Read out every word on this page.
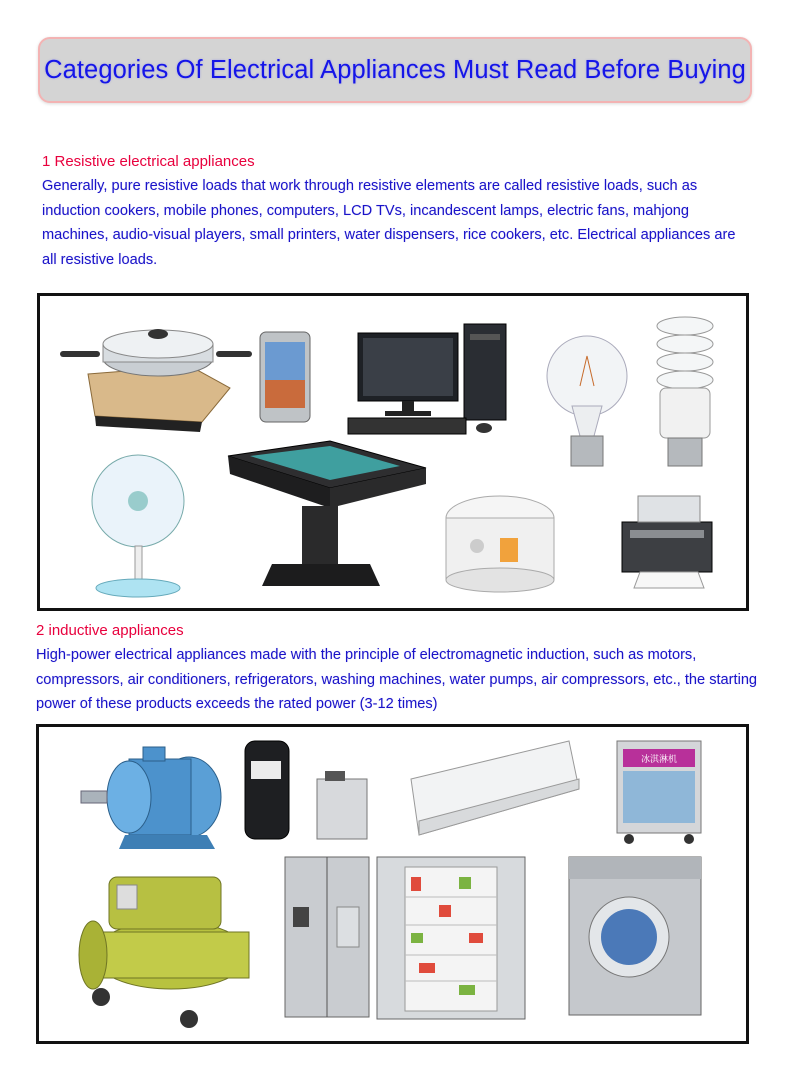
Categories Of Electrical Appliances Must Read Before Buying
1 Resistive electrical appliances
Generally, pure resistive loads that work through resistive elements are called resistive loads, such as
induction cookers, mobile phones, computers, LCD TVs, incandescent lamps, electric fans, mahjong
machines, audio-visual players, small printers, water dispensers, rice cookers, etc. Electrical appliances are
all resistive loads.
2 inductive appliances
High-power electrical appliances made with the principle of electromagnetic induction, such as motors,
compressors, air conditioners, refrigerators, washing machines, water pumps, air compressors, etc., the starting
power of these products exceeds the rated power (3-12 times)
冰淇淋机
